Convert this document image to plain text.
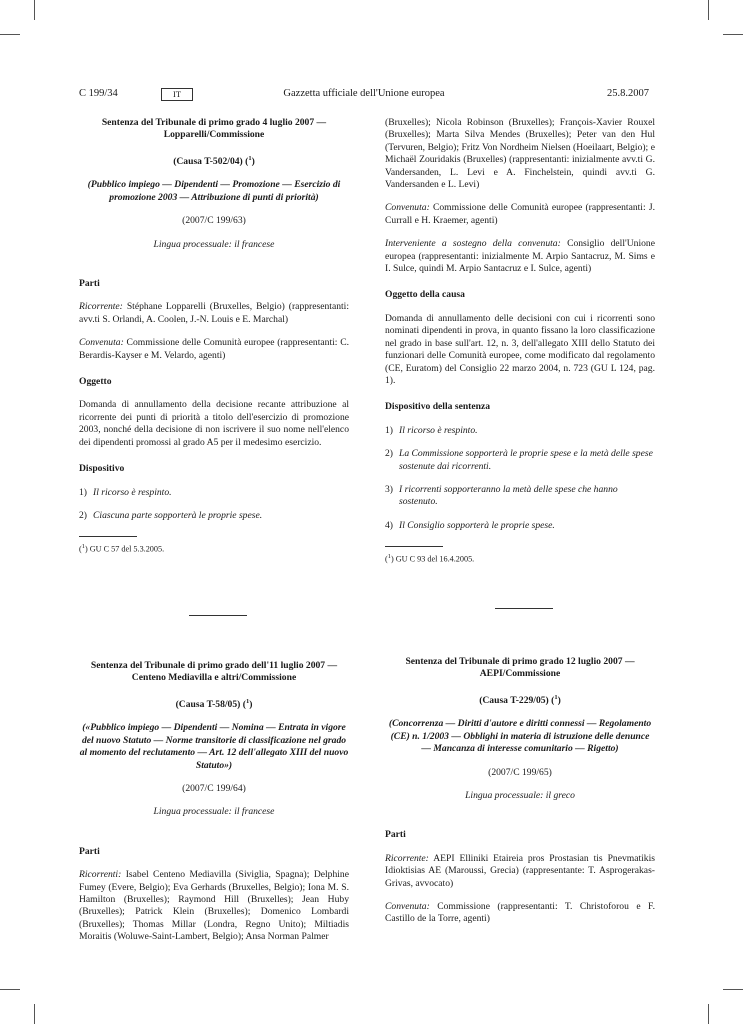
C 199/34	IT	Gazzetta ufficiale dell'Unione europea	25.8.2007

Sentenza del Tribunale di primo grado 4 luglio 2007 — Lopparelli/Commissione

(Causa T-502/04) ($^1$)

(Pubblico impiego — Dipendenti — Promozione — Esercizio di promozione 2003 — Attribuzione di punti di priorità)

(2007/C 199/63)

Lingua processuale: il francese

Parti

Ricorrente: Stéphane Lopparelli (Bruxelles, Belgio) (rappresentanti: avv.ti S. Orlandi, A. Coolen, J.-N. Louis e E. Marchal)

Convenuta: Commissione delle Comunità europee (rappresentanti: C. Berardis-Kayser e M. Velardo, agenti)

Oggetto

Domanda di annullamento della decisione recante attribuzione al ricorrente dei punti di priorità a titolo dell'esercizio di promozione 2003, nonché della decisione di non iscrivere il suo nome nell'elenco dei dipendenti promossi al grado A5 per il medesimo esercizio.

Dispositivo

1) Il ricorso è respinto.
2) Ciascuna parte sopporterà le proprie spese.
($^1$) GU C 57 del 5.3.2005.

(Bruxelles); Nicola Robinson (Bruxelles); François-Xavier Rouxel (Bruxelles); Marta Silva Mendes (Bruxelles); Peter van den Hul (Tervuren, Belgio); Fritz Von Nordheim Nielsen (Hoeilaart, Belgio); e Michaël Zouridakis (Bruxelles) (rappresentanti: inizialmente avv.ti G. Vandersanden, L. Levi e A. Finchelstein, quindi avv.ti G. Vandersanden e L. Levi)

Convenuta: Commissione delle Comunità europee (rappresentanti: J. Currall e H. Kraemer, agenti)

Interveniente a sostegno della convenuta: Consiglio dell'Unione europea (rappresentanti: inizialmente M. Arpio Santacruz, M. Sims e I. Sulce, quindi M. Arpio Santacruz e I. Sulce, agenti)

Oggetto della causa

Domanda di annullamento delle decisioni con cui i ricorrenti sono nominati dipendenti in prova, in quanto fissano la loro classificazione nel grado in base sull'art. 12, n. 3, dell'allegato XIII dello Statuto dei funzionari delle Comunità europee, come modificato dal regolamento (CE, Euratom) del Consiglio 22 marzo 2004, n. 723 (GU L 124, pag. 1).

Dispositivo della sentenza

1) Il ricorso è respinto.
2) La Commissione sopporterà le proprie spese e la metà delle spese sostenute dai ricorrenti.
3) I ricorrenti sopporteranno la metà delle spese che hanno sostenuto.
4) Il Consiglio sopporterà le proprie spese.
($^1$) GU C 93 del 16.4.2005.

Sentenza del Tribunale di primo grado dell'11 luglio 2007 — Centeno Mediavilla e altri/Commissione

(Causa T-58/05) ($^1$)

(«Pubblico impiego — Dipendenti — Nomina — Entrata in vigore del nuovo Statuto — Norme transitorie di classificazione nel grado al momento del reclutamento — Art. 12 dell'allegato XIII del nuovo Statuto»)

(2007/C 199/64)

Lingua processuale: il francese

Parti

Ricorrenti: Isabel Centeno Mediavilla (Siviglia, Spagna); Delphine Fumey (Evere, Belgio); Eva Gerhards (Bruxelles, Belgio); Iona M. S. Hamilton (Bruxelles); Raymond Hill (Bruxelles); Jean Huby (Bruxelles); Patrick Klein (Bruxelles); Domenico Lombardi (Bruxelles); Thomas Millar (Londra, Regno Unito); Miltiadis Moraitis (Woluwe-Saint-Lambert, Belgio); Ansa Norman Palmer

Sentenza del Tribunale di primo grado 12 luglio 2007 — AEPI/Commissione

(Causa T-229/05) ($^1$)

(Concorrenza — Diritti d'autore e diritti connessi — Regolamento (CE) n. 1/2003 — Obblighi in materia di istruzione delle denunce — Mancanza di interesse comunitario — Rigetto)

(2007/C 199/65)

Lingua processuale: il greco

Parti

Ricorrente: AEPI Elliniki Etaireia pros Prostasian tis Pnevmatikis Idioktisias AE (Maroussi, Grecia) (rappresentante: T. Asprogerakas-Grivas, avvocato)

Convenuta: Commissione (rappresentanti: T. Christoforou e F. Castillo de la Torre, agenti)
